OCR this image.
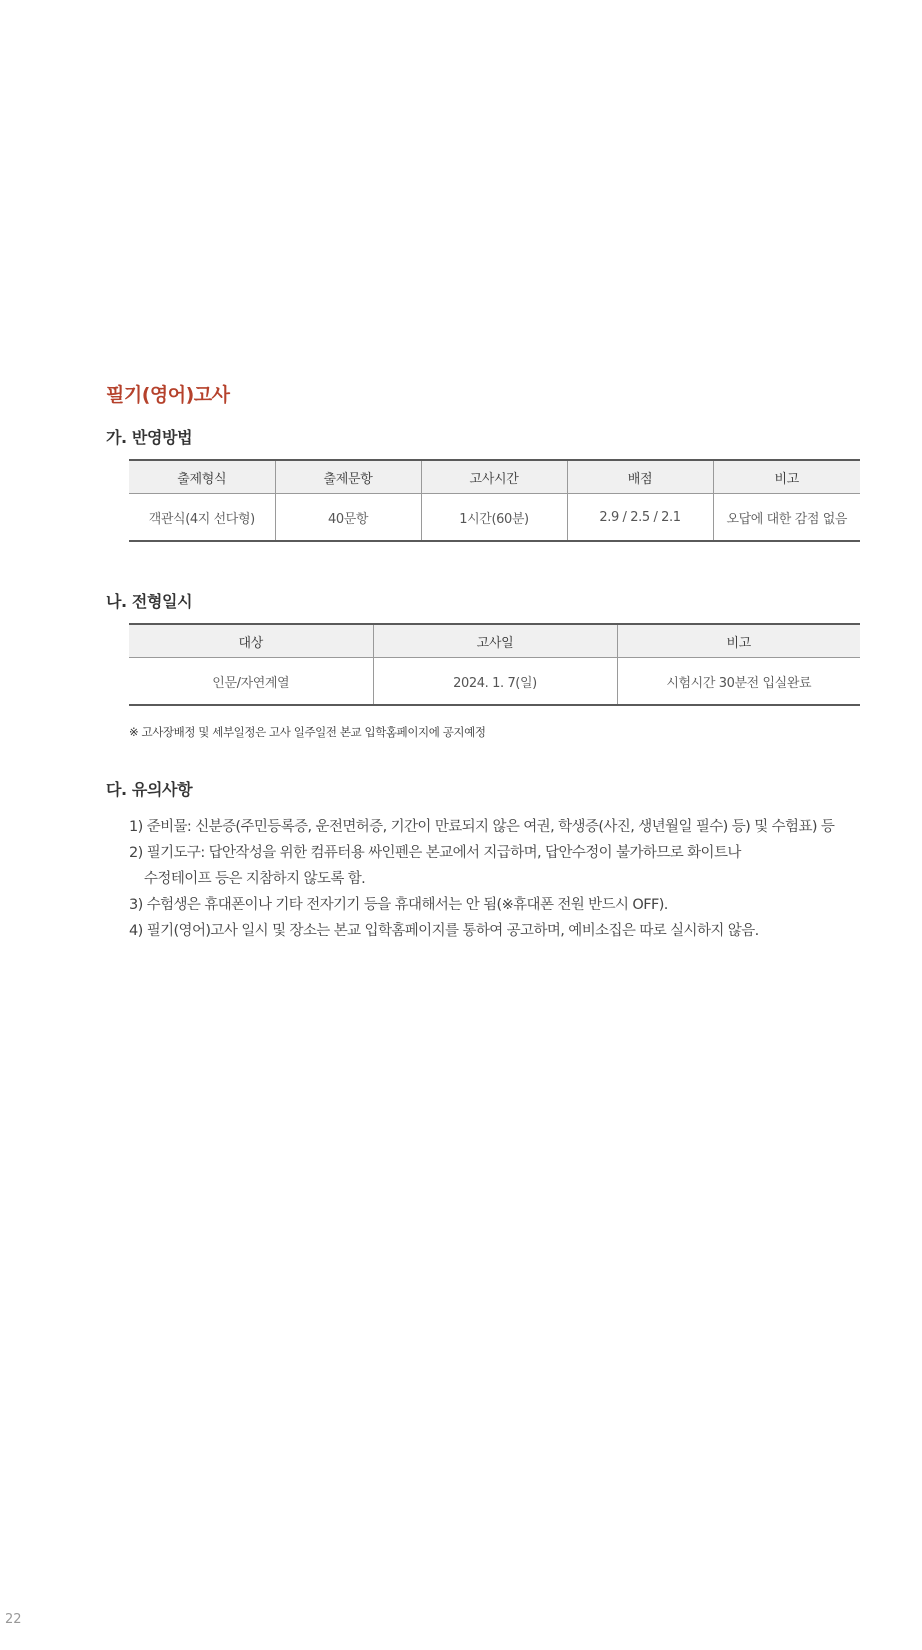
필기(영어)고사
가. 반영방법
출제형식	출제문항	고사시간	배점	비고
객관식(4지 선다형)	40문항	1시간(60분)	2.9 / 2.5 / 2.1	오답에 대한 감점 없음
나. 전형일시
대상	고사일	비고
인문/자연계열	2024. 1. 7(일)	시험시간 30분전 입실완료
※ 고사장배정 및 세부일정은 고사 일주일전 본교 입학홈페이지에 공지예정
다. 유의사항
1) 준비물: 신분증(주민등록증, 운전면허증, 기간이 만료되지 않은 여권, 학생증(사진, 생년월일 필수) 등) 및 수험표) 등
2) 필기도구: 답안작성을 위한 컴퓨터용 싸인펜은 본교에서 지급하며, 답안수정이 불가하므로 화이트나
수정테이프 등은 지참하지 않도록 함.
3) 수험생은 휴대폰이나 기타 전자기기 등을 휴대해서는 안 됨(※휴대폰 전원 반드시 OFF).
4) 필기(영어)고사 일시 및 장소는 본교 입학홈페이지를 통하여 공고하며, 예비소집은 따로 실시하지 않음.
22
